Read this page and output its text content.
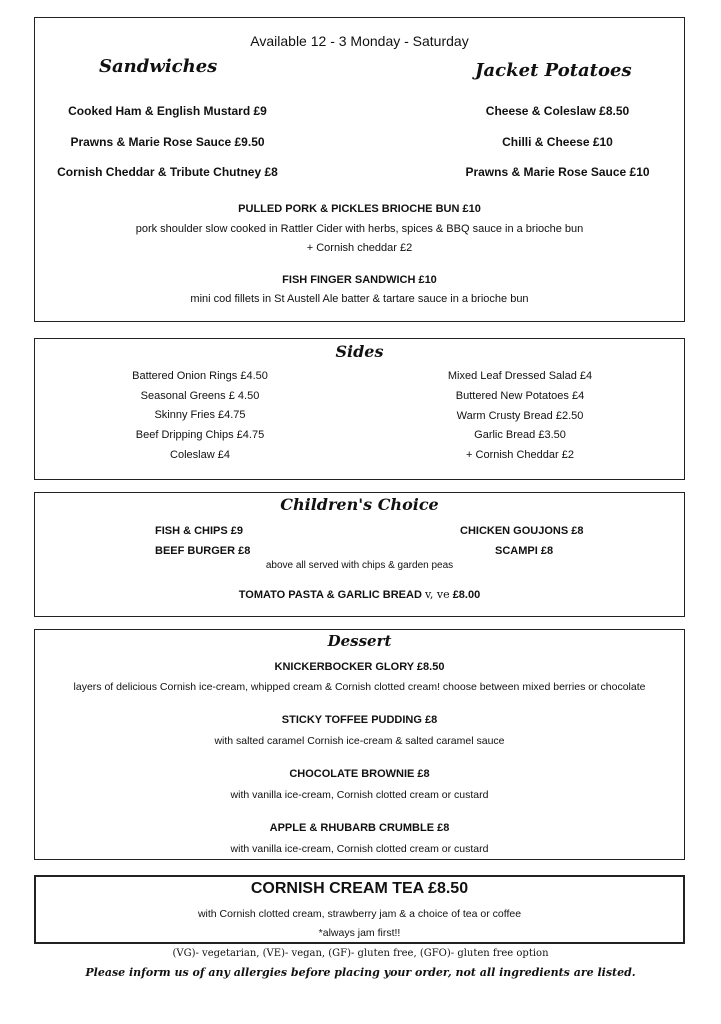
Available 12 - 3 Monday - Saturday
Sandwiches	Jacket Potatoes
Cooked Ham & English Mustard £9
Prawns & Marie Rose Sauce £9.50
Cornish Cheddar & Tribute Chutney £8
Cheese & Coleslaw £8.50
Chilli & Cheese £10
Prawns & Marie Rose Sauce £10
PULLED PORK & PICKLES BRIOCHE BUN £10
pork shoulder slow cooked in Rattler Cider with herbs, spices & BBQ sauce in a brioche bun
+ Cornish cheddar £2
FISH FINGER SANDWICH £10
mini cod fillets in St Austell Ale batter & tartare sauce in a brioche bun
Sides
Battered Onion Rings £4.50
Seasonal Greens £ 4.50
Skinny Fries £4.75
Beef Dripping Chips £4.75
Coleslaw £4
Mixed Leaf Dressed Salad £4
Buttered New Potatoes £4
Warm Crusty Bread £2.50
Garlic Bread £3.50
+ Cornish Cheddar £2
Children's Choice
FISH & CHIPS £9	CHICKEN GOUJONS £8
BEEF BURGER £8	SCAMPI £8
above all served with chips & garden peas
TOMATO PASTA & GARLIC BREAD v, ve £8.00
Dessert
KNICKERBOCKER GLORY £8.50
layers of delicious Cornish ice-cream, whipped cream & Cornish clotted cream! choose between mixed berries or chocolate
STICKY TOFFEE PUDDING £8
with salted caramel Cornish ice-cream & salted caramel sauce
CHOCOLATE BROWNIE £8
with vanilla ice-cream, Cornish clotted cream or custard
APPLE & RHUBARB CRUMBLE £8
with vanilla ice-cream, Cornish clotted cream or custard
CORNISH CREAM TEA £8.50
with Cornish clotted cream, strawberry jam & a choice of tea or coffee
*always jam first!!
(VG)- vegetarian, (VE)- vegan, (GF)- gluten free, (GFO)- gluten free option
Please inform us of any allergies before placing your order, not all ingredients are listed.
